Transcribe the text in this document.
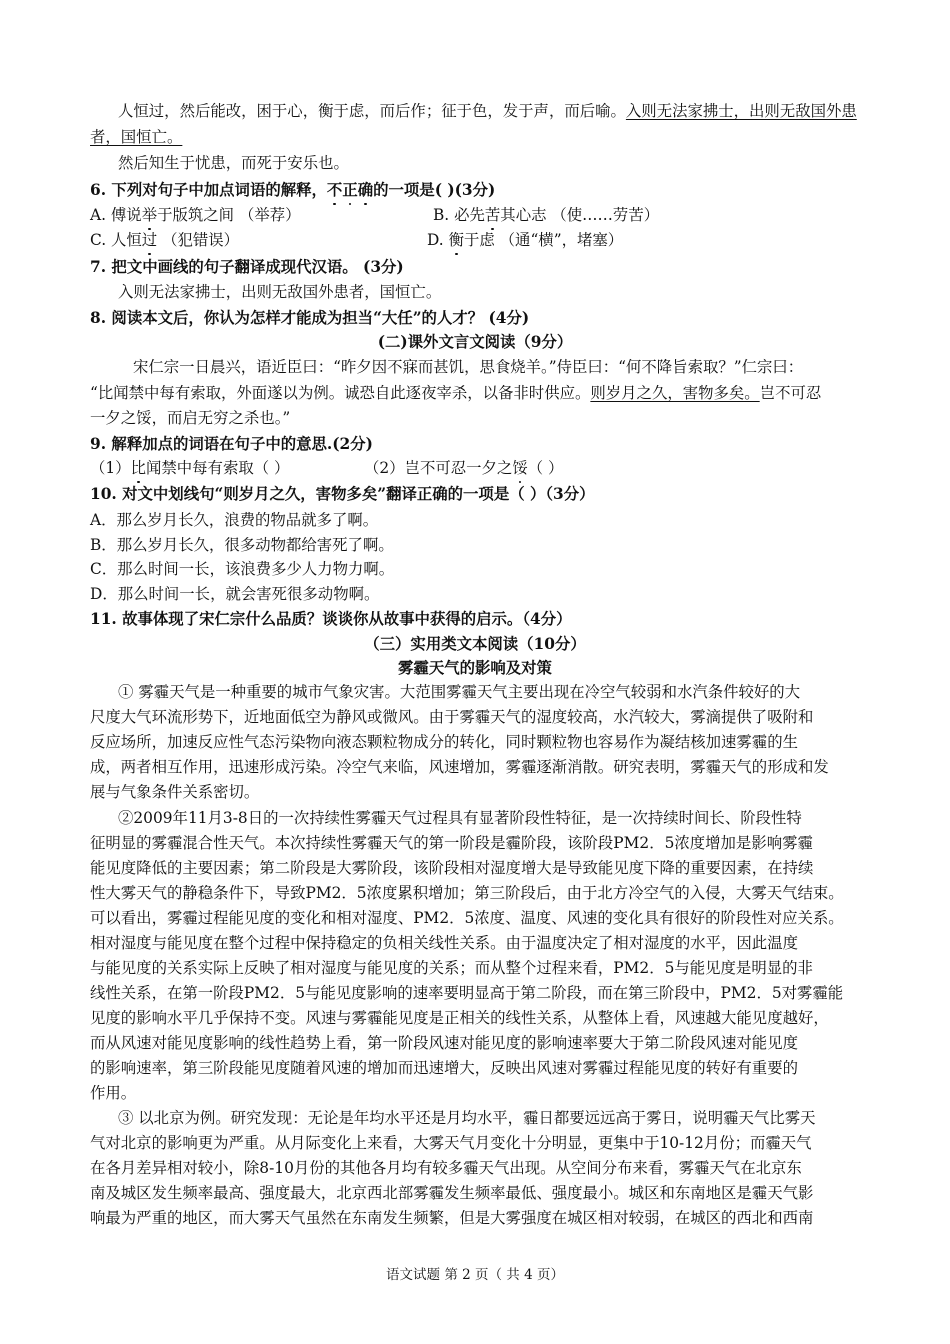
人恒过，然后能改，困于心，衡于虑，而后作；征于色，发于声，而后喻。入则无法家拂士，出则无敌国外患
者，国恒亡。
然后知生于忧患，而死于安乐也。
6. 下列对句子中加点词语的解释，不正确的一项是( )(3分)
A. 傅说举于版筑之间 （举荐）	B. 必先苦其心志 （使……劳苦）
C. 人恒过 （犯错误）	D. 衡于虑 （通“横”，堵塞）
7. 把文中画线的句子翻译成现代汉语。 (3分)
入则无法家拂士，出则无敌国外患者，国恒亡。
8. 阅读本文后，你认为怎样才能成为担当“大任”的人才？ (4分)
(二)课外文言文阅读（9分）
宋仁宗一日晨兴，语近臣曰：“昨夕因不寐而甚饥，思食烧羊。”侍臣曰：“何不降旨索取？”仁宗曰：
“比闻禁中每有索取，外面遂以为例。诚恐自此逐夜宰杀，以备非时供应。则岁月之久，害物多矣。岂不可忍
一夕之馁，而启无穷之杀也。”
9. 解释加点的词语在句子中的意思.(2分)
（1）比闻禁中每有索取（ ）	（2）岂不可忍一夕之馁（ ）
10. 对文中划线句“则岁月之久，害物多矣”翻译正确的一项是（ ）（3分）
A．那么岁月长久，浪费的物品就多了啊。
B．那么岁月长久，很多动物都给害死了啊。
C．那么时间一长，该浪费多少人力物力啊。
D．那么时间一长，就会害死很多动物啊。
11. 故事体现了宋仁宗什么品质？谈谈你从故事中获得的启示。（4分）
（三）实用类文本阅读（10分）
雾霾天气的影响及对策
① 雾霾天气是一种重要的城市气象灾害。大范围雾霾天气主要出现在冷空气较弱和水汽条件较好的大
尺度大气环流形势下，近地面低空为静风或微风。由于雾霾天气的湿度较高，水汽较大，雾滴提供了吸附和
反应场所，加速反应性气态污染物向液态颗粒物成分的转化，同时颗粒物也容易作为凝结核加速雾霾的生
成，两者相互作用，迅速形成污染。冷空气来临，风速增加，雾霾逐渐消散。研究表明，雾霾天气的形成和发
展与气象条件关系密切。
②2009年11月3-8日的一次持续性雾霾天气过程具有显著阶段性特征，是一次持续时间长、阶段性特
征明显的雾霾混合性天气。本次持续性雾霾天气的第一阶段是霾阶段，该阶段PM2．5浓度增加是影响雾霾
能见度降低的主要因素；第二阶段是大雾阶段，该阶段相对湿度增大是导致能见度下降的重要因素，在持续
性大雾天气的静稳条件下，导致PM2．5浓度累积增加；第三阶段后，由于北方冷空气的入侵，大雾天气结束。
可以看出，雾霾过程能见度的变化和相对湿度、PM2．5浓度、温度、风速的变化具有很好的阶段性对应关系。
相对湿度与能见度在整个过程中保持稳定的负相关线性关系。由于温度决定了相对湿度的水平，因此温度
与能见度的关系实际上反映了相对湿度与能见度的关系；而从整个过程来看，PM2．5与能见度是明显的非
线性关系，在第一阶段PM2．5与能见度影响的速率要明显高于第二阶段，而在第三阶段中，PM2．5对雾霾能
见度的影响水平几乎保持不变。风速与雾霾能见度是正相关的线性关系，从整体上看，风速越大能见度越好，
而从风速对能见度影响的线性趋势上看，第一阶段风速对能见度的影响速率要大于第二阶段风速对能见度
的影响速率，第三阶段能见度随着风速的增加而迅速增大，反映出风速对雾霾过程能见度的转好有重要的
作用。
③ 以北京为例。研究发现：无论是年均水平还是月均水平，霾日都要远远高于雾日，说明霾天气比雾天
气对北京的影响更为严重。从月际变化上来看，大雾天气月变化十分明显，更集中于10-12月份；而霾天气
在各月差异相对较小，除8-10月份的其他各月均有较多霾天气出现。从空间分布来看，雾霾天气在北京东
南及城区发生频率最高、强度最大，北京西北部雾霾发生频率最低、强度最小。城区和东南地区是霾天气影
响最为严重的地区，而大雾天气虽然在东南发生频繁，但是大雾强度在城区相对较弱，在城区的西北和西南
语文试题 第 2 页（ 共 4 页）
